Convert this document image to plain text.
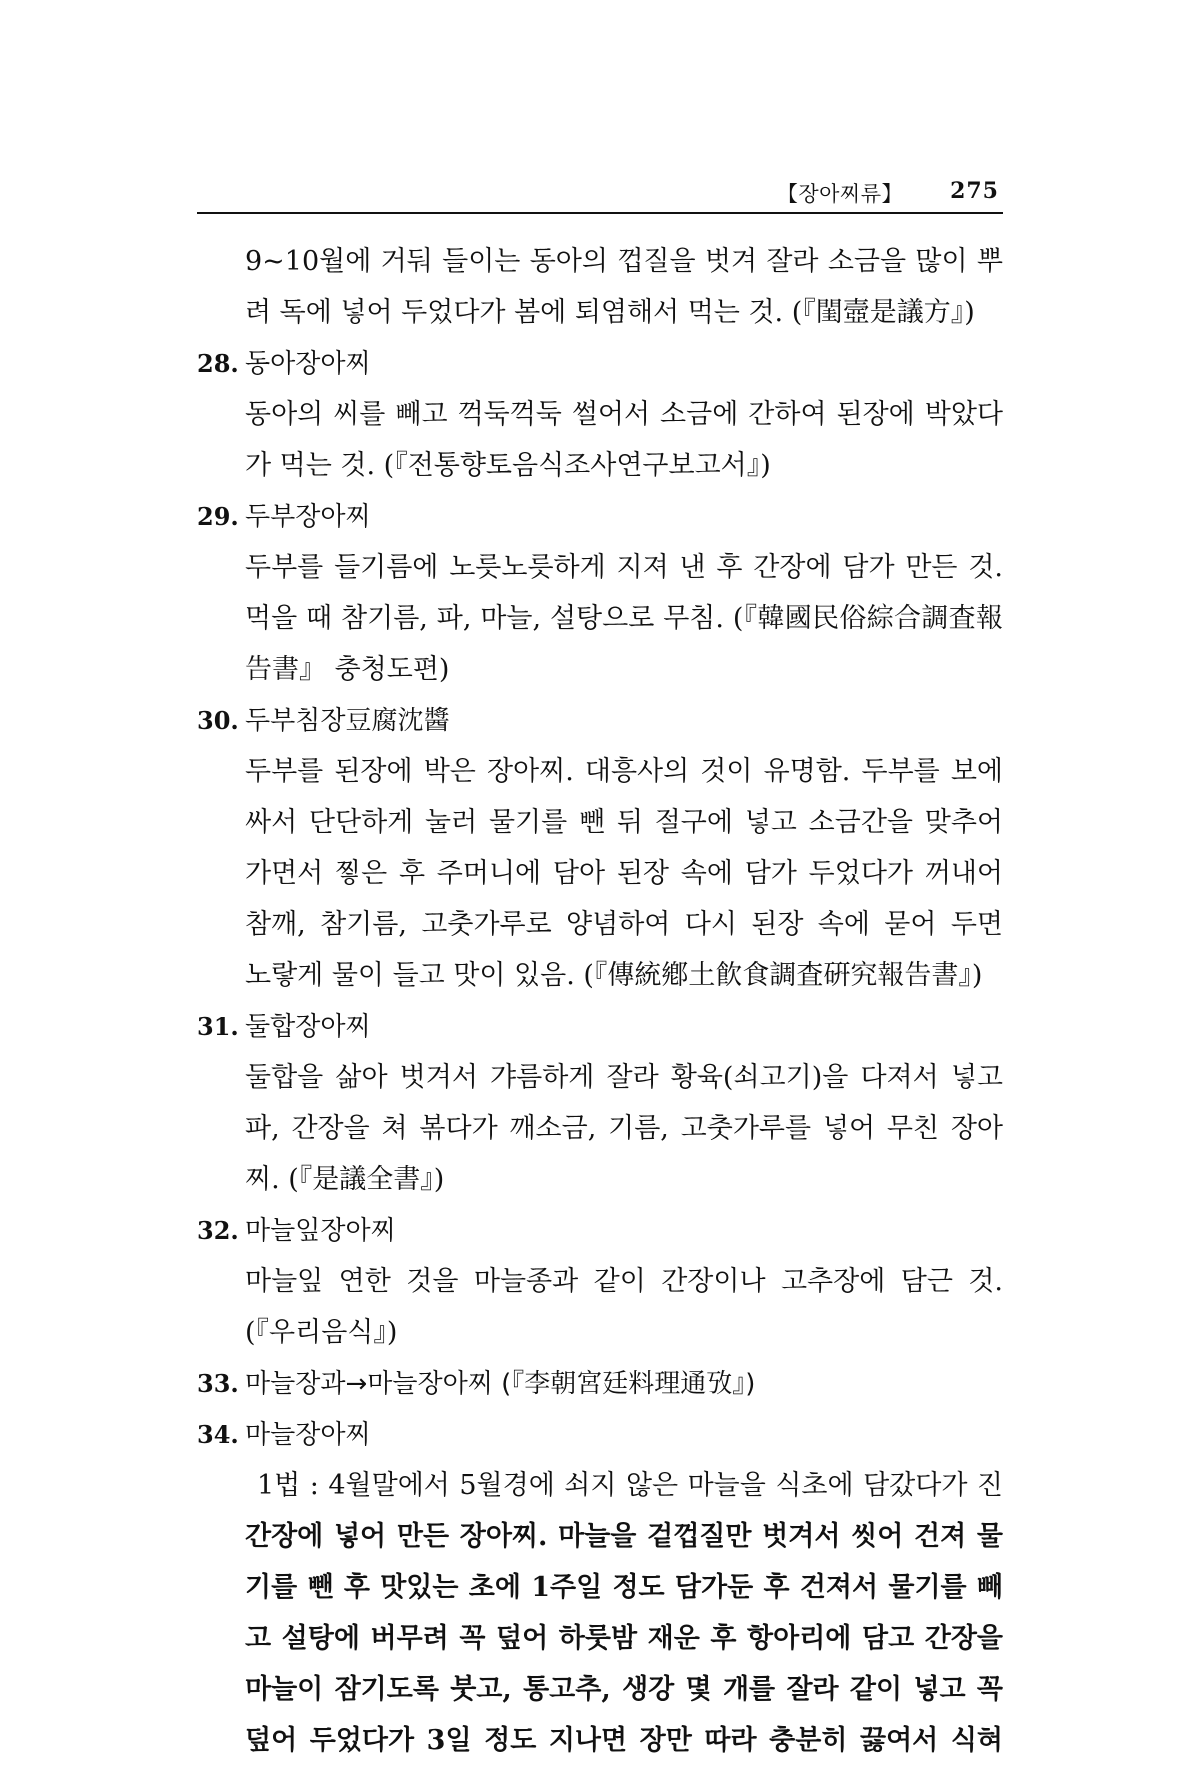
【장아찌류】 275
9~10월에 거둬 들이는 동아의 껍질을 벗겨 잘라 소금을 많이 뿌
려 독에 넣어 두었다가 봄에 퇴염해서 먹는 것. (『閨壼是議方』)
28. 동아장아찌
동아의 씨를 빼고 꺽둑꺽둑 썰어서 소금에 간하여 된장에 박았다
가 먹는 것. (『전통향토음식조사연구보고서』)
29. 두부장아찌
두부를 들기름에 노릇노릇하게 지져 낸 후 간장에 담가 만든 것.
먹을 때 참기름, 파, 마늘, 설탕으로 무침. (『韓國民俗綜合調査報
告書』 충청도편)
30. 두부침장豆腐沈醬
두부를 된장에 박은 장아찌. 대흥사의 것이 유명함. 두부를 보에
싸서 단단하게 눌러 물기를 뺀 뒤 절구에 넣고 소금간을 맞추어
가면서 찧은 후 주머니에 담아 된장 속에 담가 두었다가 꺼내어
참깨, 참기름, 고춧가루로 양념하여 다시 된장 속에 묻어 두면
노랗게 물이 들고 맛이 있음. (『傳統鄕土飮食調査硏究報告書』)
31. 둘합장아찌
둘합을 삶아 벗겨서 갸름하게 잘라 황육(쇠고기)을 다져서 넣고
파, 간장을 쳐 볶다가 깨소금, 기름, 고춧가루를 넣어 무친 장아
찌. (『是議全書』)
32. 마늘잎장아찌
마늘잎 연한 것을 마늘종과 같이 간장이나 고추장에 담근 것.
(『우리음식』)
33. 마늘장과→마늘장아찌 (『李朝宮廷料理通攷』)
34. 마늘장아찌
1법 : 4월말에서 5월경에 쇠지 않은 마늘을 식초에 담갔다가 진
간장에 넣어 만든 장아찌. 마늘을 겉껍질만 벗겨서 씻어 건져 물
기를 뺀 후 맛있는 초에 1주일 정도 담가둔 후 건져서 물기를 빼
고 설탕에 버무려 꼭 덮어 하룻밤 재운 후 항아리에 담고 간장을
마늘이 잠기도록 붓고, 통고추, 생강 몇 개를 잘라 같이 넣고 꼭
덮어 두었다가 3일 정도 지나면 장만 따라 충분히 끓여서 식혀
